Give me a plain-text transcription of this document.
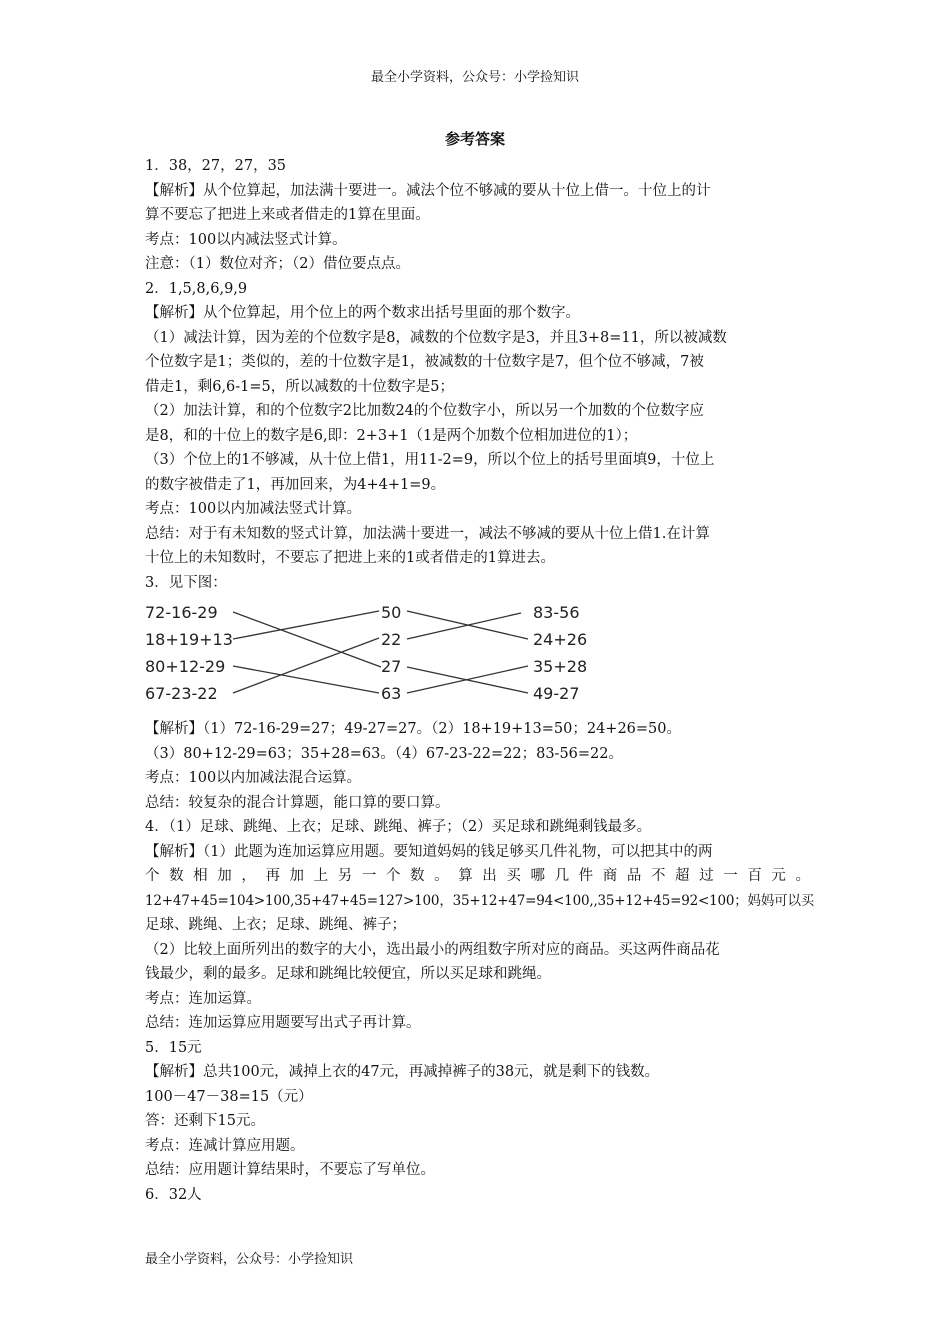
最全小学资料，公众号：小学捡知识
参考答案

1．38，27，27，35

【解析】从个位算起，加法满十要进一。减法个位不够减的要从十位上借一。十位上的计

算不要忘了把进上来或者借走的1算在里面。

考点：100以内减法竖式计算。

注意：（1）数位对齐；（2）借位要点点。

2．1,5,8,6,9,9

【解析】从个位算起，用个位上的两个数求出括号里面的那个数字。

（1）减法计算，因为差的个位数字是8，减数的个位数字是3，并且3+8=11，所以被减数

个位数字是1；类似的，差的十位数字是1，被减数的十位数字是7，但个位不够减，7被

借走1，剩6,6-1=5，所以减数的十位数字是5；

（2）加法计算，和的个位数字2比加数24的个位数字小，所以另一个加数的个位数字应

是8，和的十位上的数字是6,即：2+3+1（1是两个加数个位相加进位的1）；

（3）个位上的1不够减，从十位上借1，用11-2=9，所以个位上的括号里面填9，十位上

的数字被借走了1，再加回来，为4+4+1=9。

考点：100以内加减法竖式计算。

总结：对于有未知数的竖式计算，加法满十要进一，减法不够减的要从十位上借1.在计算

十位上的未知数时，不要忘了把进上来的1或者借走的1算进去。

3．见下图：

72-16-29
18+19+13
80+12-29
67-23-22
50
22
27
63
83-56
24+26
35+28
49-27

【解析】（1）72-16-29=27；49-27=27。（2）18+19+13=50；24+26=50。

（3）80+12-29=63；35+28=63。（4）67-23-22=22；83-56=22。

考点：100以内加减法混合运算。

总结：较复杂的混合计算题，能口算的要口算。

4．（1）足球、跳绳、上衣；足球、跳绳、裤子；（2）买足球和跳绳剩钱最多。

【解析】（1）此题为连加运算应用题。要知道妈妈的钱足够买几件礼物，可以把其中的两

个数相加，再加上另一个数。算出买哪几件商品不超过一百元。

12+47+45=104>100,35+47+45=127>100，35+12+47=94<100,,35+12+45=92<100；妈妈可以买

足球、跳绳、上衣；足球、跳绳、裤子；

（2）比较上面所列出的数字的大小，选出最小的两组数字所对应的商品。买这两件商品花

钱最少，剩的最多。足球和跳绳比较便宜，所以买足球和跳绳。

考点：连加运算。

总结：连加运算应用题要写出式子再计算。

5．15元

【解析】总共100元，减掉上衣的47元，再减掉裤子的38元，就是剩下的钱数。

100－47－38=15（元）

答：还剩下15元。

考点：连减计算应用题。

总结：应用题计算结果时，不要忘了写单位。

6．32人

最全小学资料，公众号：小学捡知识
